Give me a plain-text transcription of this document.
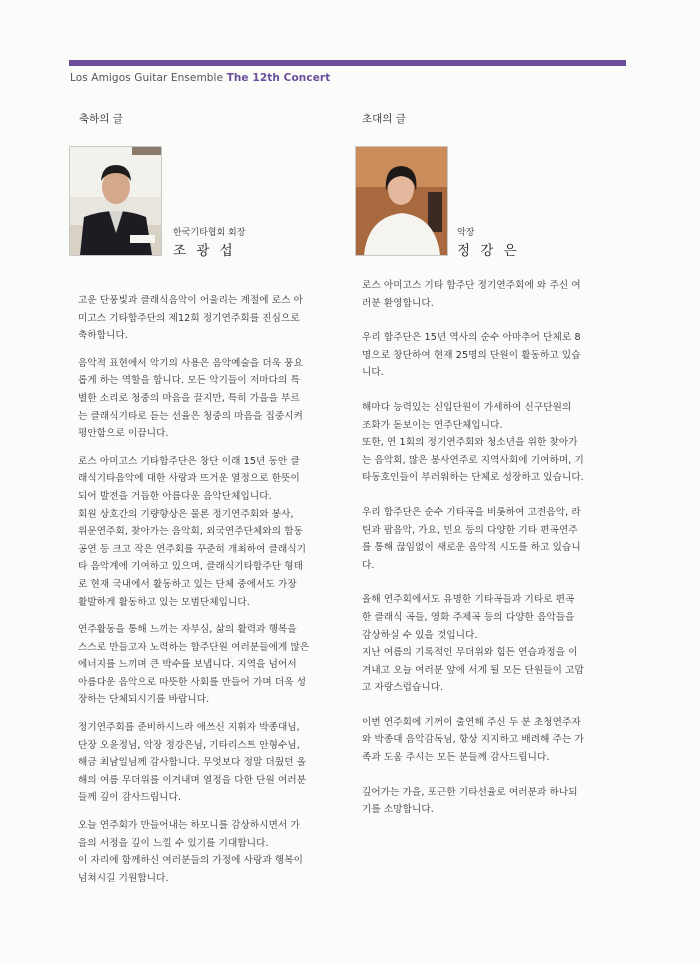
Los Amigos Guitar Ensemble The 12th Concert
축하의 글
한국기타협회 회장
조 광 섭

고운 단풍빛과 클래식음악이 어울리는 계절에 로스 아

미고스 기타합주단의 제12회 정기연주회를 진심으로

축하합니다.

음악적 표현에서 악기의 사용은 음악예술을 더욱 풍요

롭게 하는 역할을 합니다. 모든 악기들이 저마다의 특

별한 소리로 청중의 마음을 끌지만, 특히 가을을 부르

는 클래식기타로 듣는 선율은 청중의 마음을 집중시켜

평안함으로 이끕니다.

로스 아미고스 기타합주단은 창단 이래 15년 동안 클

래식기타음악에 대한 사랑과 뜨거운 열정으로 한뜻이

되어 발전을 거듭한 아름다운 음악단체입니다.

회원 상호간의 기량향상은 물론 정기연주회와 봉사,

위문연주회, 찾아가는 음악회, 외국연주단체와의 합동

공연 등 크고 작은 연주회를 꾸준히 개최하여 클래식기

타 음악계에 기여하고 있으며, 클래식기타합주단 형태

로 현재 국내에서 활동하고 있는 단체 중에서도 가장

활발하게 활동하고 있는 모범단체입니다.

연주활동을 통해 느끼는 자부심, 삶의 활력과 행복을

스스로 만들고자 노력하는 합주단원 여러분들에게 많은

에너지를 느끼며 큰 박수를 보냅니다. 지역을 넘어서

아름다운 음악으로 따뜻한 사회를 만들어 가며 더욱 성

장하는 단체되시기를 바랍니다.

정기연주회를 준비하시느라 애쓰신 지휘자 박종대님,

단장 오윤정님, 악장 정강은님, 기타리스트 안형수님,

해금 최남일님께 감사합니다. 무엇보다 정말 더웠던 올

해의 여름 무더위를 이겨내며 열정을 다한 단원 여러분

들께 깊이 감사드립니다.

오늘 연주회가 만들어내는 하모니를 감상하시면서 가

을의 서정을 깊이 느낄 수 있기를 기대합니다.

이 자리에 함께하신 여러분들의 가정에 사랑과 행복이

넘쳐시길 기원합니다.

초대의 글
악장
정 강 은

로스 아미고스 기타 합주단 정기연주회에 와 주신 여

러분 환영합니다.

우리 합주단은 15년 역사의 순수 아마추어 단체로 8

명으로 창단하여 현재 25명의 단원이 활동하고 있습

니다.

해마다 능력있는 신입단원이 가세하여 신구단원의

조화가 돋보이는 연주단체입니다.

또한, 연 1회의 정기연주회와 청소년을 위한 찾아가

는 음악회, 많은 봉사연주로 지역사회에 기여하며, 기

타동호인들이 부러워하는 단체로 성장하고 있습니다.

우리 합주단은 순수 기타곡을 비롯하여 고전음악, 라

틴과 팝음악, 가요, 민요 등의 다양한 기타 편곡연주

를 통해 끊임없이 새로운 음악적 시도를 하고 있습니

다.

올해 연주회에서도 유명한 기타곡들과 기타로 편곡

한 클래식 곡들, 영화 주제곡 등의 다양한 음악들을

감상하실 수 있을 것입니다.

지난 여름의 기록적인 무더위와 힘든 연습과정을 이

겨내고 오늘 여러분 앞에 서게 될 모든 단원들이 고맙

고 자랑스럽습니다.

이번 연주회에 기꺼이 출연해 주신 두 분 초청연주자

와 박종대 음악감독님, 항상 지지하고 배려해 주는 가

족과 도움 주시는 모든 분들께 감사드립니다.

깊어가는 가을, 포근한 기타선율로 여러분과 하나되

기를 소망합니다.
